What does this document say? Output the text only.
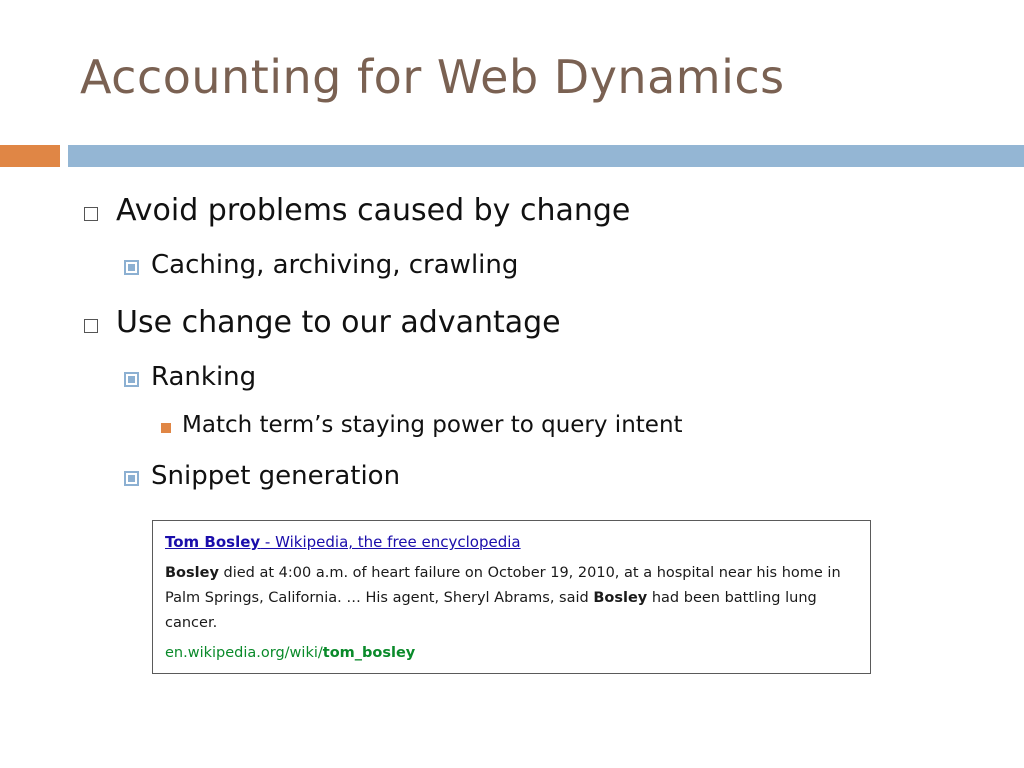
Accounting for Web Dynamics
Avoid problems caused by change
Caching, archiving, crawling
Use change to our advantage
Ranking
Match term’s staying power to query intent
Snippet generation
Tom Bosley - Wikipedia, the free encyclopedia
Bosley died at 4:00 a.m. of heart failure on October 19, 2010, at a hospital near his home in Palm Springs, California. … His agent, Sheryl Abrams, said Bosley had been battling lung cancer.
en.wikipedia.org/wiki/tom_bosley
